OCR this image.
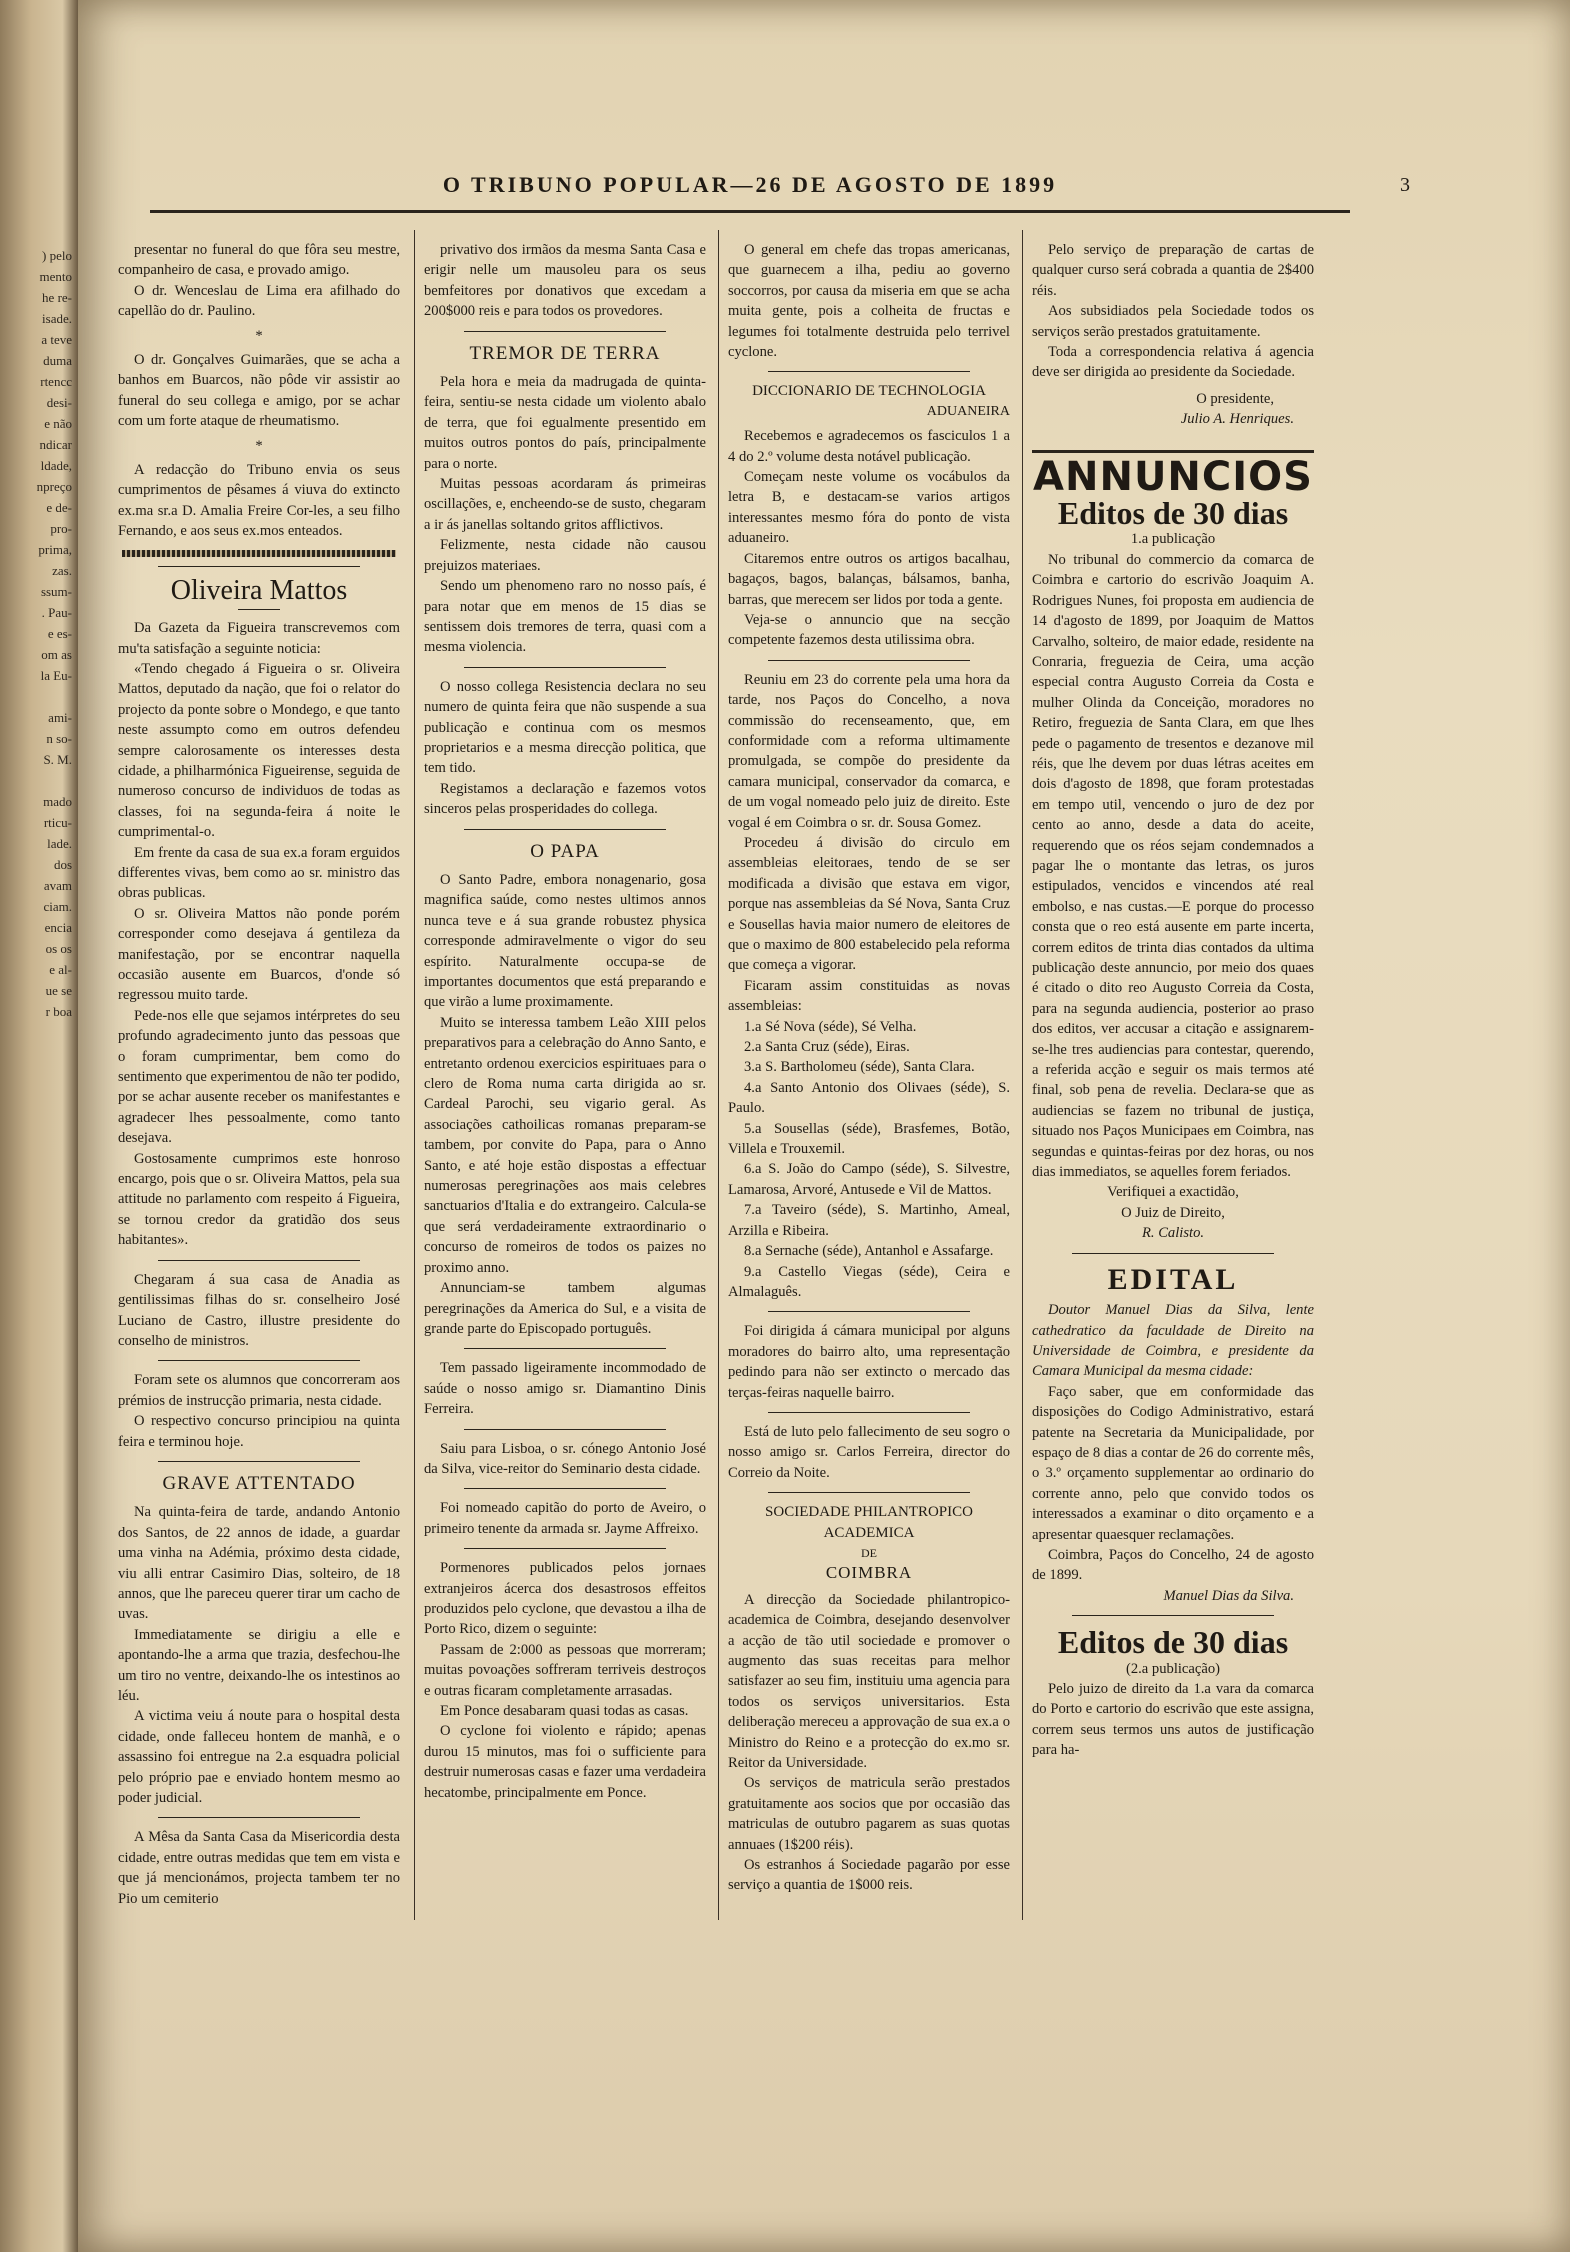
) pelo
mento
he re-
isade.
a teve
duma
rtencc
desi-
e não
ndicar
ldade,
npreço
e de-
pro-
prima,
zas.
ssum-
. Pau-
e es-
om as
la Eu-
ami-
n so-
S. M.
mado
rticu-
lade.
dos
avam
ciam.
encia
os os
e al-
ue se
r boa
O TRIBUNO POPULAR—26 DE AGOSTO DE 1899	3

presentar no funeral do que fôra seu mestre, companheiro de casa, e provado amigo.

O dr. Wenceslau de Lima era afilhado do capellão do dr. Paulino.

*

O dr. Gonçalves Guimarães, que se acha a banhos em Buarcos, não pôde vir assistir ao funeral do seu collega e amigo, por se achar com um forte ataque de rheumatismo.

*

A redacção do Tribuno envia os seus cumprimentos de pêsames á viuva do extincto ex.ma sr.a D. Amalia Freire Cor-les, a seu filho Fernando, e aos seus ex.mos enteados.

Oliveira Mattos

Da Gazeta da Figueira transcrevemos com mu'ta satisfação a seguinte noticia:

«Tendo chegado á Figueira o sr. Oliveira Mattos, deputado da nação, que foi o relator do projecto da ponte sobre o Mondego, e que tanto neste assumpto como em outros defendeu sempre calorosamente os interesses desta cidade, a philharmónica Figueirense, seguida de numeroso concurso de individuos de todas as classes, foi na segunda-feira á noite le cumprimental-o.

Em frente da casa de sua ex.a foram erguidos differentes vivas, bem como ao sr. ministro das obras publicas.

O sr. Oliveira Mattos não ponde porém corresponder como desejava á gentileza da manifestação, por se encontrar naquella occasião ausente em Buarcos, d'onde só regressou muito tarde.

Pede-nos elle que sejamos intérpretes do seu profundo agradecimento junto das pessoas que o foram cumprimentar, bem como do sentimento que experimentou de não ter podido, por se achar ausente receber os manifestantes e agradecer lhes pessoalmente, como tanto desejava.

Gostosamente cumprimos este honroso encargo, pois que o sr. Oliveira Mattos, pela sua attitude no parlamento com respeito á Figueira, se tornou credor da gratidão dos seus habitantes».

Chegaram á sua casa de Anadia as gentilissimas filhas do sr. conselheiro José Luciano de Castro, illustre presidente do conselho de ministros.

Foram sete os alumnos que concorreram aos prémios de instrucção primaria, nesta cidade.

O respectivo concurso principiou na quinta feira e terminou hoje.

GRAVE ATTENTADO

Na quinta-feira de tarde, andando Antonio dos Santos, de 22 annos de idade, a guardar uma vinha na Adémia, próximo desta cidade, viu alli entrar Casimiro Dias, solteiro, de 18 annos, que lhe pareceu querer tirar um cacho de uvas.

Immediatamente se dirigiu a elle e apontando-lhe a arma que trazia, desfechou-lhe um tiro no ventre, deixando-lhe os intestinos ao léu.

A victima veiu á noute para o hospital desta cidade, onde falleceu hontem de manhã, e o assassino foi entregue na 2.a esquadra policial pelo próprio pae e enviado hontem mesmo ao poder judicial.

A Mêsa da Santa Casa da Misericordia desta cidade, entre outras medidas que tem em vista e que já mencionámos, projecta tambem ter no Pio um cemiterio

privativo dos irmãos da mesma Santa Casa e erigir nelle um mausoleu para os seus bemfeitores por donativos que excedam a 200$000 reis e para todos os provedores.

TREMOR DE TERRA

Pela hora e meia da madrugada de quinta-feira, sentiu-se nesta cidade um violento abalo de terra, que foi egualmente presentido em muitos outros pontos do país, principalmente para o norte.

Muitas pessoas acordaram ás primeiras oscillações, e, encheendo-se de susto, chegaram a ir ás janellas soltando gritos afflictivos.

Felizmente, nesta cidade não causou prejuizos materiaes.

Sendo um phenomeno raro no nosso país, é para notar que em menos de 15 dias se sentissem dois tremores de terra, quasi com a mesma violencia.

O nosso collega Resistencia declara no seu numero de quinta feira que não suspende a sua publicação e continua com os mesmos proprietarios e a mesma direcção politica, que tem tido.

Registamos a declaração e fazemos votos sinceros pelas prosperidades do collega.

O PAPA

O Santo Padre, embora nonagenario, gosa magnifica saúde, como nestes ultimos annos nunca teve e á sua grande robustez physica corresponde admiravelmente o vigor do seu espírito. Naturalmente occupa-se de importantes documentos que está preparando e que virão a lume proximamente.

Muito se interessa tambem Leão XIII pelos preparativos para a celebração do Anno Santo, e entretanto ordenou exercicios espirituaes para o clero de Roma numa carta dirigida ao sr. Cardeal Parochi, seu vigario geral. As associações cathoilicas romanas preparam-se tambem, por convite do Papa, para o Anno Santo, e até hoje estão dispostas a effectuar numerosas peregrinações aos mais celebres sanctuarios d'Italia e do extrangeiro. Calcula-se que será verdadeiramente extraordinario o concurso de romeiros de todos os paizes no proximo anno.

Annunciam-se tambem algumas peregrinações da America do Sul, e a visita de grande parte do Episcopado português.

Tem passado ligeiramente incommodado de saúde o nosso amigo sr. Diamantino Dinis Ferreira.

Saiu para Lisboa, o sr. cónego Antonio José da Silva, vice-reitor do Seminario desta cidade.

Foi nomeado capitão do porto de Aveiro, o primeiro tenente da armada sr. Jayme Affreixo.

Pormenores publicados pelos jornaes extranjeiros ácerca dos desastrosos effeitos produzidos pelo cyclone, que devastou a ilha de Porto Rico, dizem o seguinte:

Passam de 2:000 as pessoas que morreram; muitas povoações soffreram terriveis destroços e outras ficaram completamente arrasadas.

Em Ponce desabaram quasi todas as casas.

O cyclone foi violento e rápido; apenas durou 15 minutos, mas foi o sufficiente para destruir numerosas casas e fazer uma verdadeira hecatombe, principalmente em Ponce.

O general em chefe das tropas americanas, que guarnecem a ilha, pediu ao governo soccorros, por causa da miseria em que se acha muita gente, pois a colheita de fructas e legumes foi totalmente destruida pelo terrivel cyclone.

DICCIONARIO DE TECHNOLOGIA
ADUANEIRA

Recebemos e agradecemos os fasciculos 1 a 4 do 2.º volume desta notável publicação.

Começam neste volume os vocábulos da letra B, e destacam-se varios artigos interessantes mesmo fóra do ponto de vista aduaneiro.

Citaremos entre outros os artigos bacalhau, bagaços, bagos, balanças, bálsamos, banha, barras, que merecem ser lidos por toda a gente.

Veja-se o annuncio que na secção competente fazemos desta utilissima obra.

Reuniu em 23 do corrente pela uma hora da tarde, nos Paços do Concelho, a nova commissão do recenseamento, que, em conformidade com a reforma ultimamente promulgada, se compõe do presidente da camara municipal, conservador da comarca, e de um vogal nomeado pelo juiz de direito. Este vogal é em Coimbra o sr. dr. Sousa Gomez.

Procedeu á divisão do circulo em assembleias eleitoraes, tendo de se ser modificada a divisão que estava em vigor, porque nas assembleias da Sé Nova, Santa Cruz e Sousellas havia maior numero de eleitores de que o maximo de 800 estabelecido pela reforma que começa a vigorar.

Ficaram assim constituidas as novas assembleias:

1.a Sé Nova (séde), Sé Velha.

2.a Santa Cruz (séde), Eiras.

3.a S. Bartholomeu (séde), Santa Clara.

4.a Santo Antonio dos Olivaes (séde), S. Paulo.

5.a Sousellas (séde), Brasfemes, Botão, Villela e Trouxemil.

6.a S. João do Campo (séde), S. Silvestre, Lamarosa, Arvoré, Antusede e Vil de Mattos.

7.a Taveiro (séde), S. Martinho, Ameal, Arzilla e Ribeira.

8.a Sernache (séde), Antanhol e Assafarge.

9.a Castello Viegas (séde), Ceira e Almalaguês.

Foi dirigida á cámara municipal por alguns moradores do bairro alto, uma representação pedindo para não ser extincto o mercado das terças-feiras naquelle bairro.

Está de luto pelo fallecimento de seu sogro o nosso amigo sr. Carlos Ferreira, director do Correio da Noite.

SOCIEDADE PHILANTROPICO ACADEMICA
DE
COIMBRA

A direcção da Sociedade philantropico-academica de Coimbra, desejando desenvolver a acção de tão util sociedade e promover o augmento das suas receitas para melhor satisfazer ao seu fim, instituiu uma agencia para todos os serviços universitarios. Esta deliberação mereceu a approvação de sua ex.a o Ministro do Reino e a protecção do ex.mo sr. Reitor da Universidade.

Os serviços de matricula serão prestados gratuitamente aos socios que por occasião das matriculas de outubro pagarem as suas quotas annuaes (1$200 réis).

Os estranhos á Sociedade pagarão por esse serviço a quantia de 1$000 reis.

Pelo serviço de preparação de cartas de qualquer curso será cobrada a quantia de 2$400 réis.

Aos subsidiados pela Sociedade todos os serviços serão prestados gratuitamente.

Toda a correspondencia relativa á agencia deve ser dirigida ao presidente da Sociedade.

O presidente,
Julio A. Henriques.
ANNUNCIOS
Editos de 30 dias
1.a publicação

No tribunal do commercio da comarca de Coimbra e cartorio do escrivão Joaquim A. Rodrigues Nunes, foi proposta em audiencia de 14 d'agosto de 1899, por Joaquim de Mattos Carvalho, solteiro, de maior edade, residente na Conraria, freguezia de Ceira, uma acção especial contra Augusto Correia da Costa e mulher Olinda da Conceição, moradores no Retiro, freguezia de Santa Clara, em que lhes pede o pagamento de tresentos e dezanove mil réis, que lhe devem por duas létras aceites em dois d'agosto de 1898, que foram protestadas em tempo util, vencendo o juro de dez por cento ao anno, desde a data do aceite, requerendo que os réos sejam condemnados a pagar lhe o montante das letras, os juros estipulados, vencidos e vincendos até real embolso, e nas custas.—E porque do processo consta que o reo está ausente em parte incerta, correm editos de trinta dias contados da ultima publicação deste annuncio, por meio dos quaes é citado o dito reo Augusto Correia da Costa, para na segunda audiencia, posterior ao praso dos editos, ver accusar a citação e assignarem-se-lhe tres audiencias para contestar, querendo, a referida acção e seguir os mais termos até final, sob pena de revelia. Declara-se que as audiencias se fazem no tribunal de justiça, situado nos Paços Municipaes em Coimbra, nas segundas e quintas-feiras por dez horas, ou nos dias immediatos, se aquelles forem feriados.

Verifiquei a exactidão,
O Juiz de Direito,
R. Calisto.
EDITAL

Doutor Manuel Dias da Silva, lente cathedratico da faculdade de Direito na Universidade de Coimbra, e presidente da Camara Municipal da mesma cidade:

Faço saber, que em conformidade das disposições do Codigo Administrativo, estará patente na Secretaria da Municipalidade, por espaço de 8 dias a contar de 26 do corrente mês, o 3.º orçamento supplementar ao ordinario do corrente anno, pelo que convido todos os interessados a examinar o dito orçamento e a apresentar quaesquer reclamações.

Coimbra, Paços do Concelho, 24 de agosto de 1899.

Manuel Dias da Silva.
Editos de 30 dias
(2.a publicação)

Pelo juizo de direito da 1.a vara da comarca do Porto e cartorio do escrivão que este assigna, correm seus termos uns autos de justificação para ha-
